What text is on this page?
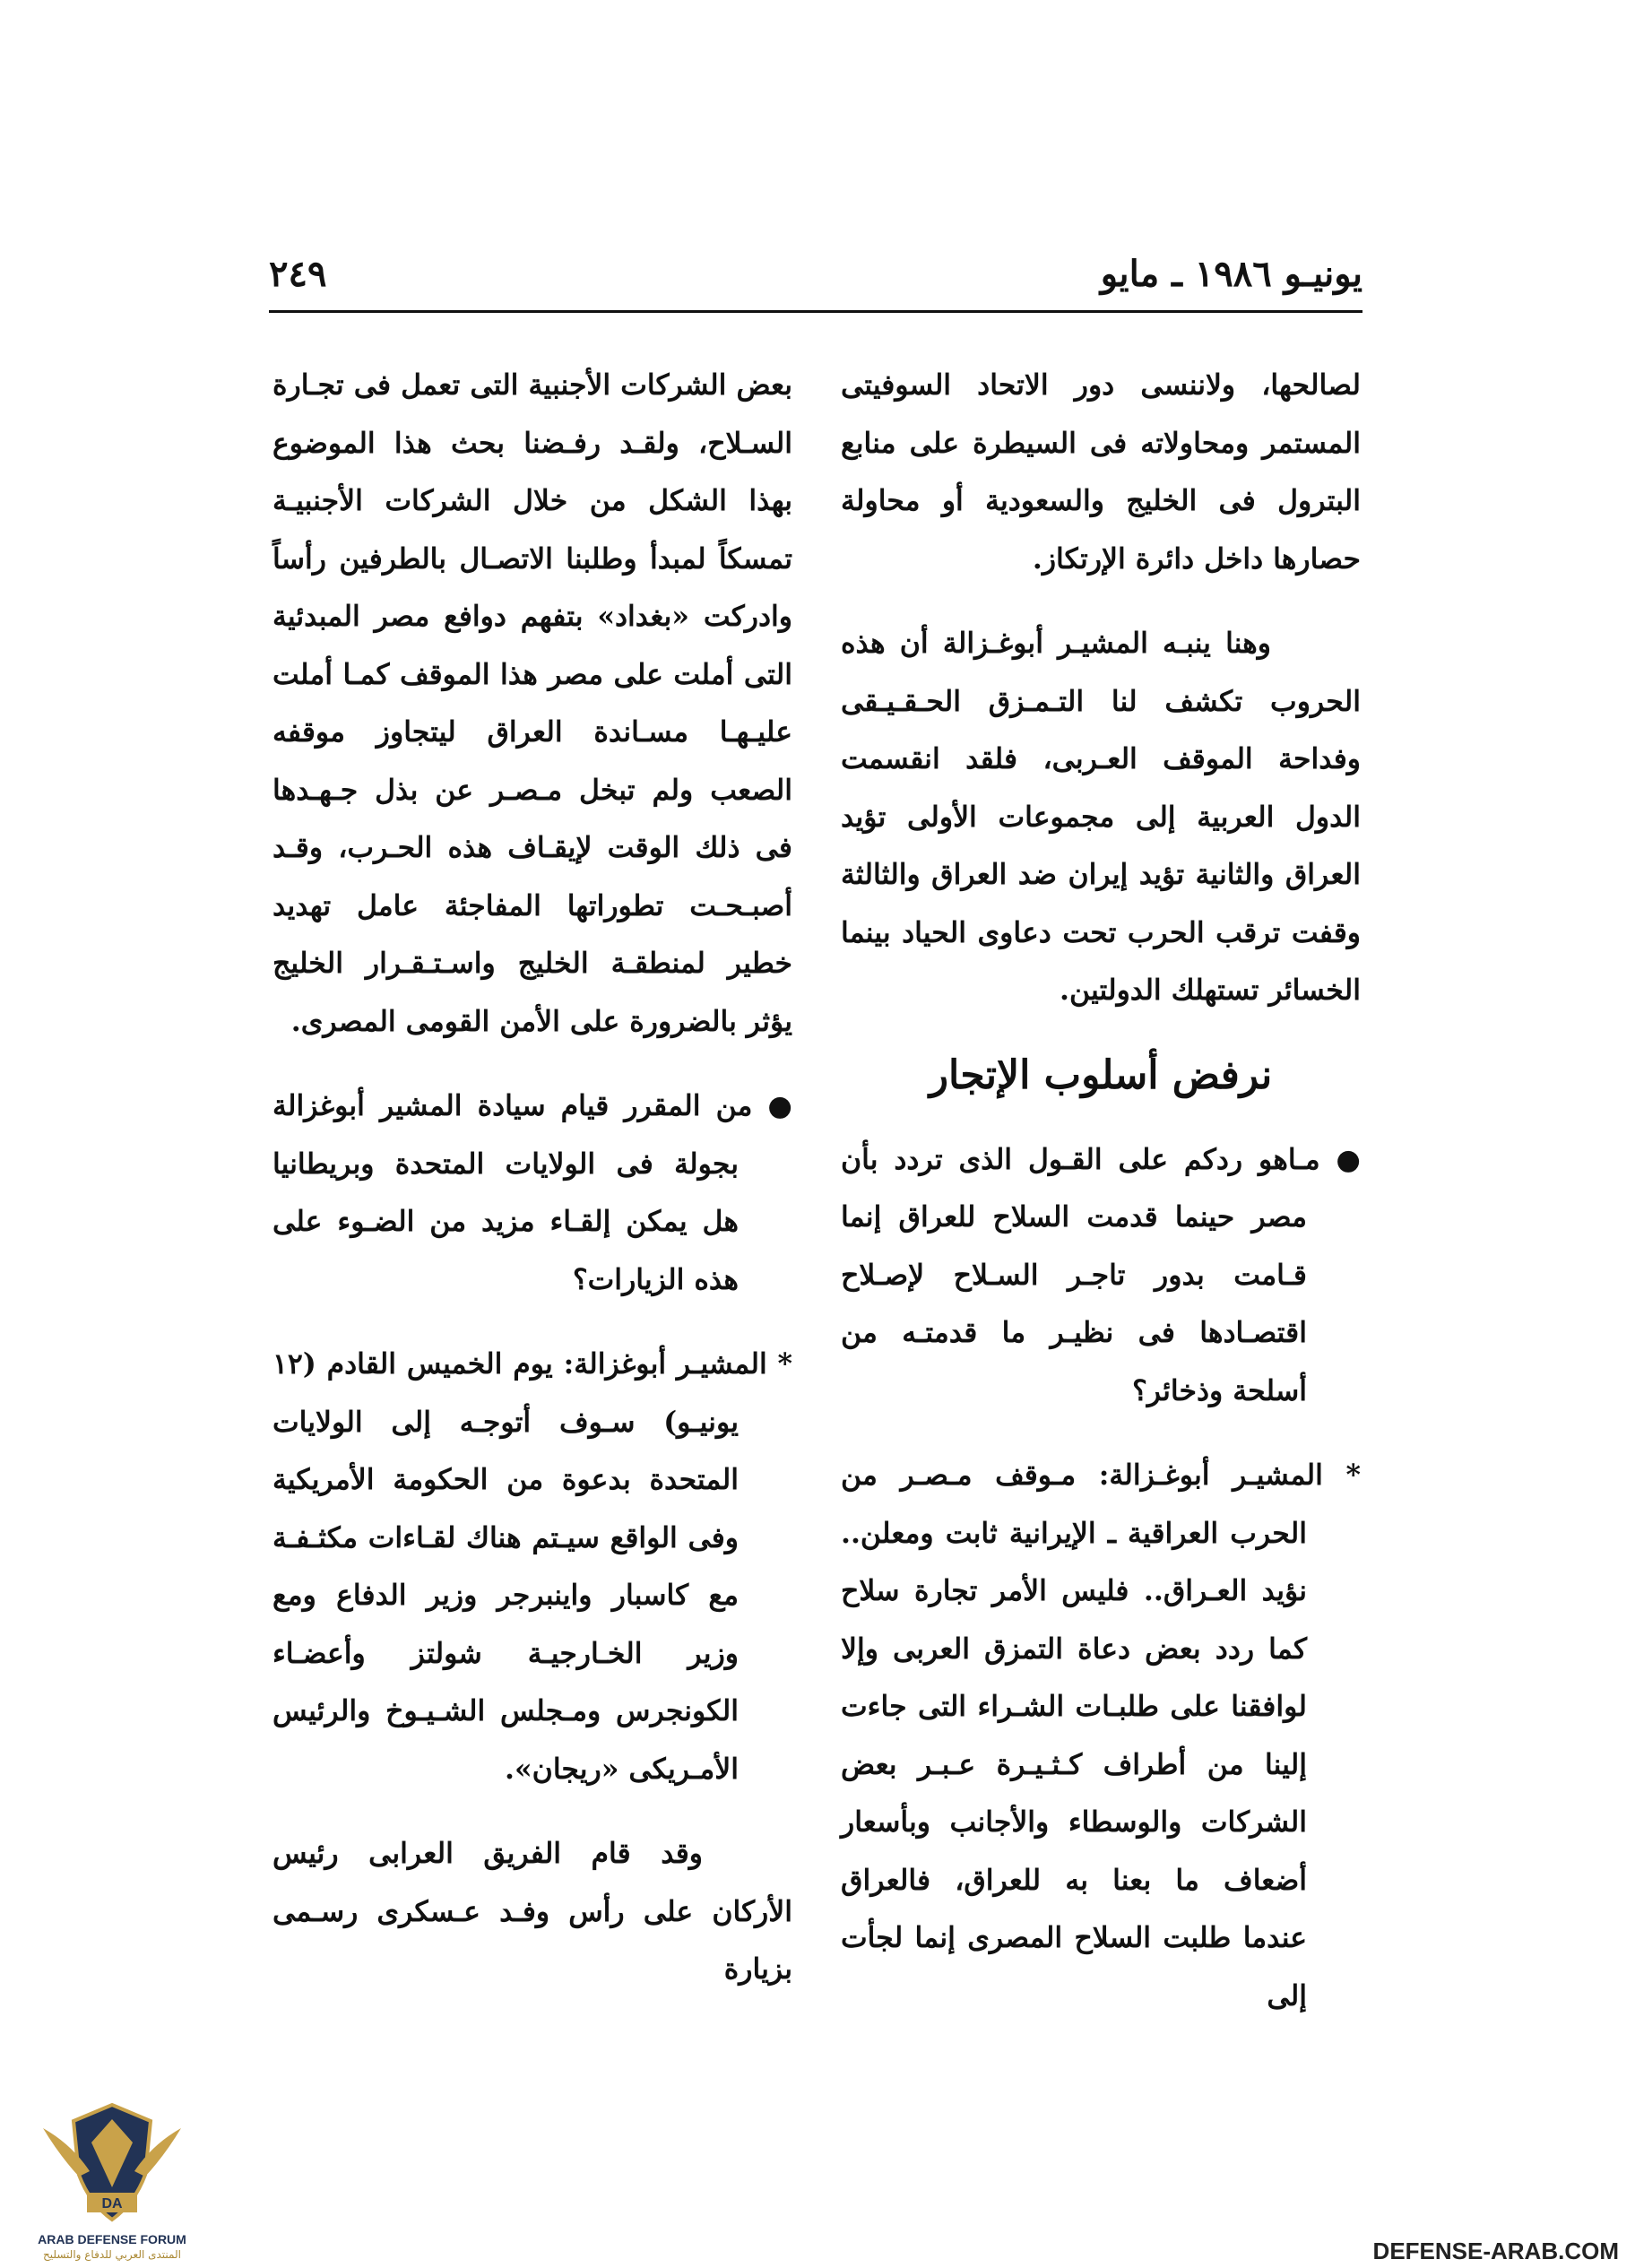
يونيـو ١٩٨٦ ـ مايو
٢٤٩

لصالحها، ولاننسى دور الاتحاد السوفيتى المستمر ومحاولاته فى السيطرة على منابع البترول فى الخليج والسعودية أو محاولة حصارها داخل دائرة الإرتكاز.

وهنا ينبـه المشيـر أبوغـزالة أن هذه الحروب تكشف لنا التـمـزق الحـقـيـقى وفداحة الموقف العـربى، فلقد انقسمت الدول العربية إلى مجموعات الأولى تؤيد العراق والثانية تؤيد إيران ضد العراق والثالثة وقفت ترقب الحرب تحت دعاوى الحياد بينما الخسائر تستهلك الدولتين.

نرفض أسلوب الإتجار

● مـاهو ردكم على القـول الذى تردد بأن مصر حينما قدمت السلاح للعراق إنما قـامت بدور تاجـر السـلاح لإصـلاح اقتصـادها فى نظيـر ما قدمتـه من أسلحة وذخائر؟

* المشيـر أبوغـزالة: مـوقف مـصـر من الحرب العراقية ـ الإيرانية ثابت ومعلن.. نؤيد العـراق.. فليس الأمر تجارة سلاح كما ردد بعض دعاة التمزق العربى وإلا لوافقنا على طلبـات الشـراء التى جاءت إلينا من أطراف كـثـيـرة عـبـر بعض الشركات والوسطاء والأجانب وبأسعار أضعاف ما بعنا به للعراق، فالعراق عندما طلبت السلاح المصرى إنما لجأت إلى

بعض الشركات الأجنبية التى تعمل فى تجـارة السـلاح، ولقـد رفـضنا بحث هذا الموضوع بهذا الشكل من خلال الشركات الأجنبيـة تمسكاً لمبدأ وطلبنا الاتصـال بالطرفين رأساً وادركت «بغداد» بتفهم دوافع مصر المبدئية التى أملت على مصر هذا الموقف كمـا أملت عليـهـا مسـاندة العراق ليتجاوز موقفه الصعب ولم تبخل مـصـر عن بذل جـهـدها فى ذلك الوقت لإيقـاف هذه الحـرب، وقـد أصبـحـت تطوراتها المفاجئة عامل تهديد خطير لمنطقـة الخليج واسـتـقـرار الخليج يؤثر بالضرورة على الأمن القومى المصرى.

● من المقرر قيام سيادة المشير أبوغزالة بجولة فى الولايات المتحدة وبريطانيا هل يمكن إلقـاء مزيد من الضـوء على هذه الزيارات؟

* المشيـر أبوغزالة: يوم الخميس القادم (١٢ يونيـو) سـوف أتوجـه إلى الولايات المتحدة بدعوة من الحكومة الأمريكية وفى الواقع سيـتم هناك لقـاءات مكثـفـة مع كاسبار واينبرجر وزير الدفاع ومع وزير الخـارجيـة شولتز وأعضـاء الكونجرس ومـجلس الشـيـوخ والرئيس الأمـريكى «ريجان».

وقد قام الفريق العرابى رئيس الأركان على رأس وفـد عـسكرى رسـمى بزيارة

DA
ARAB DEFENSE FORUM
المنتدى العربي للدفاع والتسليح	DEFENSE-ARAB.COM
